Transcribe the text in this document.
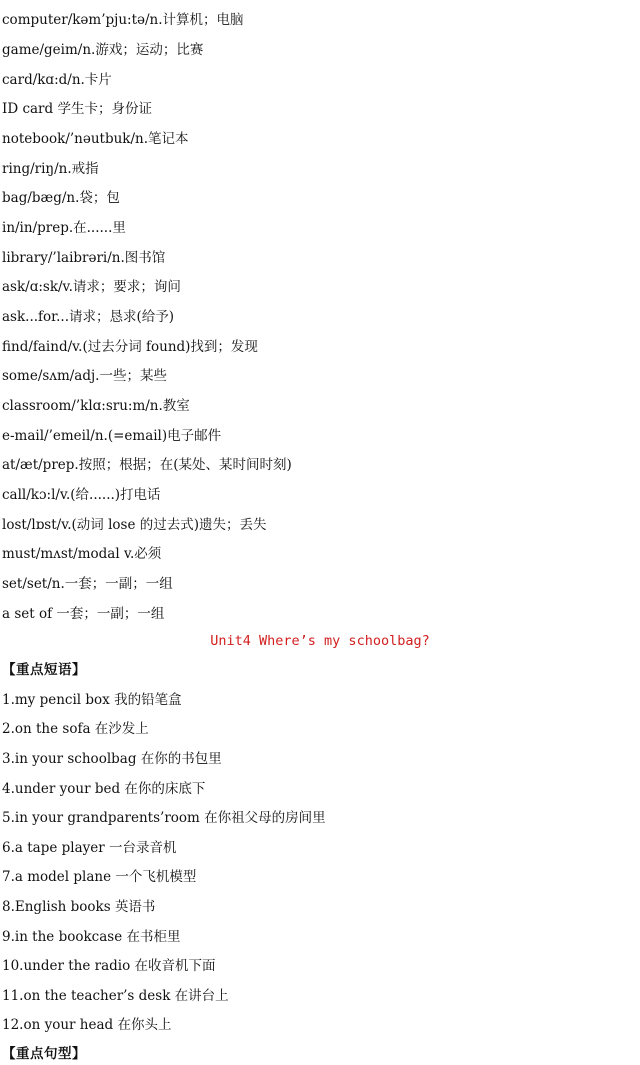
computer/kəm’pju:tə/n.计算机；电脑
game/geim/n.游戏；运动；比赛
card/kɑ:d/n.卡片
ID card 学生卡；身份证
notebook/’nəutbuk/n.笔记本
ring/riŋ/n.戒指
bag/bæg/n.袋；包
in/in/prep.在......里
library/’laibrəri/n.图书馆
ask/ɑ:sk/v.请求；要求；询问
ask...for...请求；恳求(给予)
find/faind/v.(过去分词 found)找到；发现
some/sʌm/adj.一些；某些
classroom/’klɑ:sru:m/n.教室
e-mail/’emeil/n.(=email)电子邮件
at/æt/prep.按照；根据；在(某处、某时间时刻)
call/kɔ:l/v.(给......)打电话
lost/lɒst/v.(动词 lose 的过去式)遗失；丢失
must/mʌst/modal v.必须
set/set/n.一套；一副；一组
a set of 一套；一副；一组
Unit4 Where’s my schoolbag?
【重点短语】
1.my pencil box 我的铅笔盒
2.on the sofa 在沙发上
3.in your schoolbag 在你的书包里
4.under your bed 在你的床底下
5.in your grandparents’room 在你祖父母的房间里
6.a tape player 一台录音机
7.a model plane 一个飞机模型
8.English books 英语书
9.in the bookcase 在书柜里
10.under the radio 在收音机下面
11.on the teacher’s desk 在讲台上
12.on your head 在你头上
【重点句型】
